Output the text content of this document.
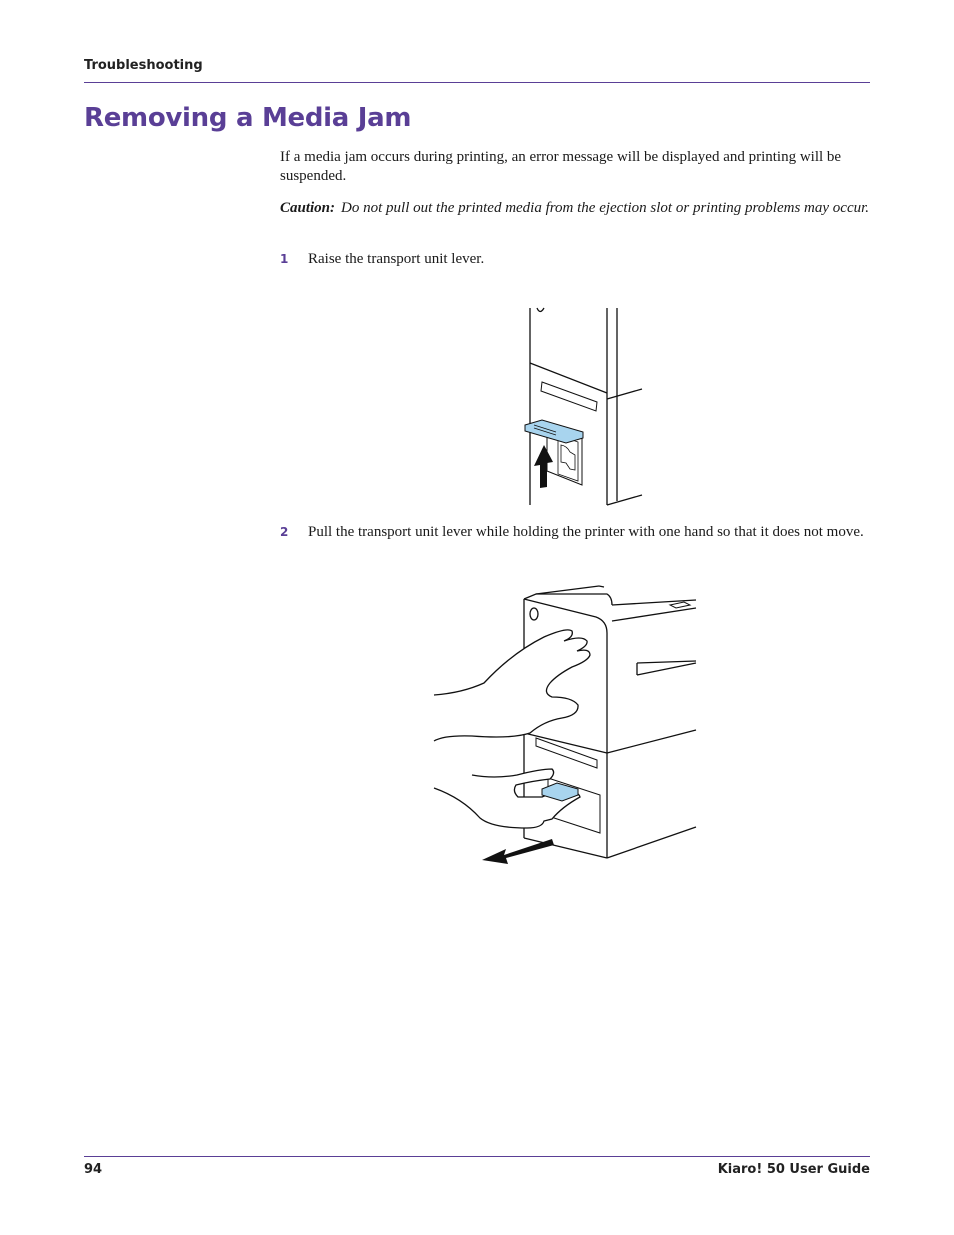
Troubleshooting
Removing a Media Jam

If a media jam occurs during printing, an error message will be displayed and printing will be suspended.

Caution: Do not pull out the printed media from the ejection slot or printing problems may occur.

1 Raise the transport unit lever.
2 Pull the transport unit lever while holding the printer with one hand so that it does not move.
94	Kiaro! 50 User Guide
